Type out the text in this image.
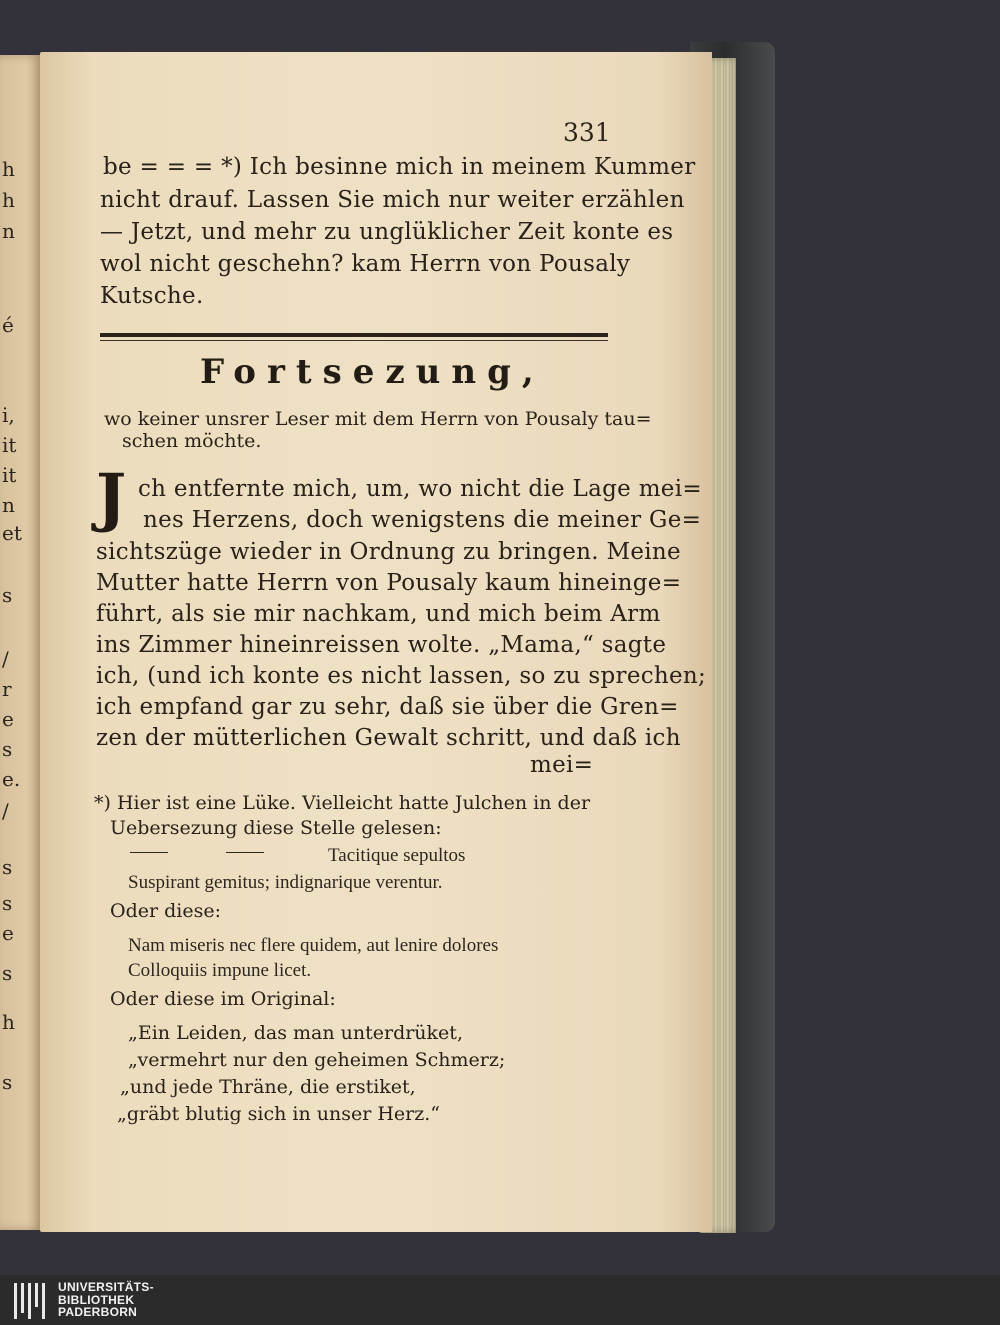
h
h
n
é
i,
it
it
n
et
s
/
r
e
s
e.
/
s
s
e
s
h
s
331
be = = = *) Ich besinne mich in meinem Kummer
nicht drauf. Lassen Sie mich nur weiter erzählen
— Jetzt, und mehr zu unglüklicher Zeit konte es
wol nicht geschehn? kam Herrn von Pousaly
Kutsche.
Fortsezung,
wo keiner unsrer Leser mit dem Herrn von Pousaly tau=
schen möchte.
J ch entfernte mich, um, wo nicht die Lage mei=
nes Herzens, doch wenigstens die meiner Ge=
sichtszüge wieder in Ordnung zu bringen. Meine
Mutter hatte Herrn von Pousaly kaum hineinge=
führt, als sie mir nachkam, und mich beim Arm
ins Zimmer hineinreissen wolte. „Mama,“ sagte
ich, (und ich konte es nicht lassen, so zu sprechen;
ich empfand gar zu sehr, daß sie über die Gren=
zen der mütterlichen Gewalt schritt, und daß ich
mei=
*) Hier ist eine Lüke. Vielleicht hatte Julchen in der
Uebersezung diese Stelle gelesen:
Tacitique sepultos
Suspirant gemitus; indignarique verentur.
Oder diese:
Nam miseris nec flere quidem, aut lenire dolores
Colloquiis impune licet.
Oder diese im Original:
„Ein Leiden, das man unterdrüket,
„vermehrt nur den geheimen Schmerz;
„und jede Thräne, die erstiket,
„gräbt blutig sich in unser Herz.“
UNIVERSITÄTS-
BIBLIOTHEK
PADERBORN
